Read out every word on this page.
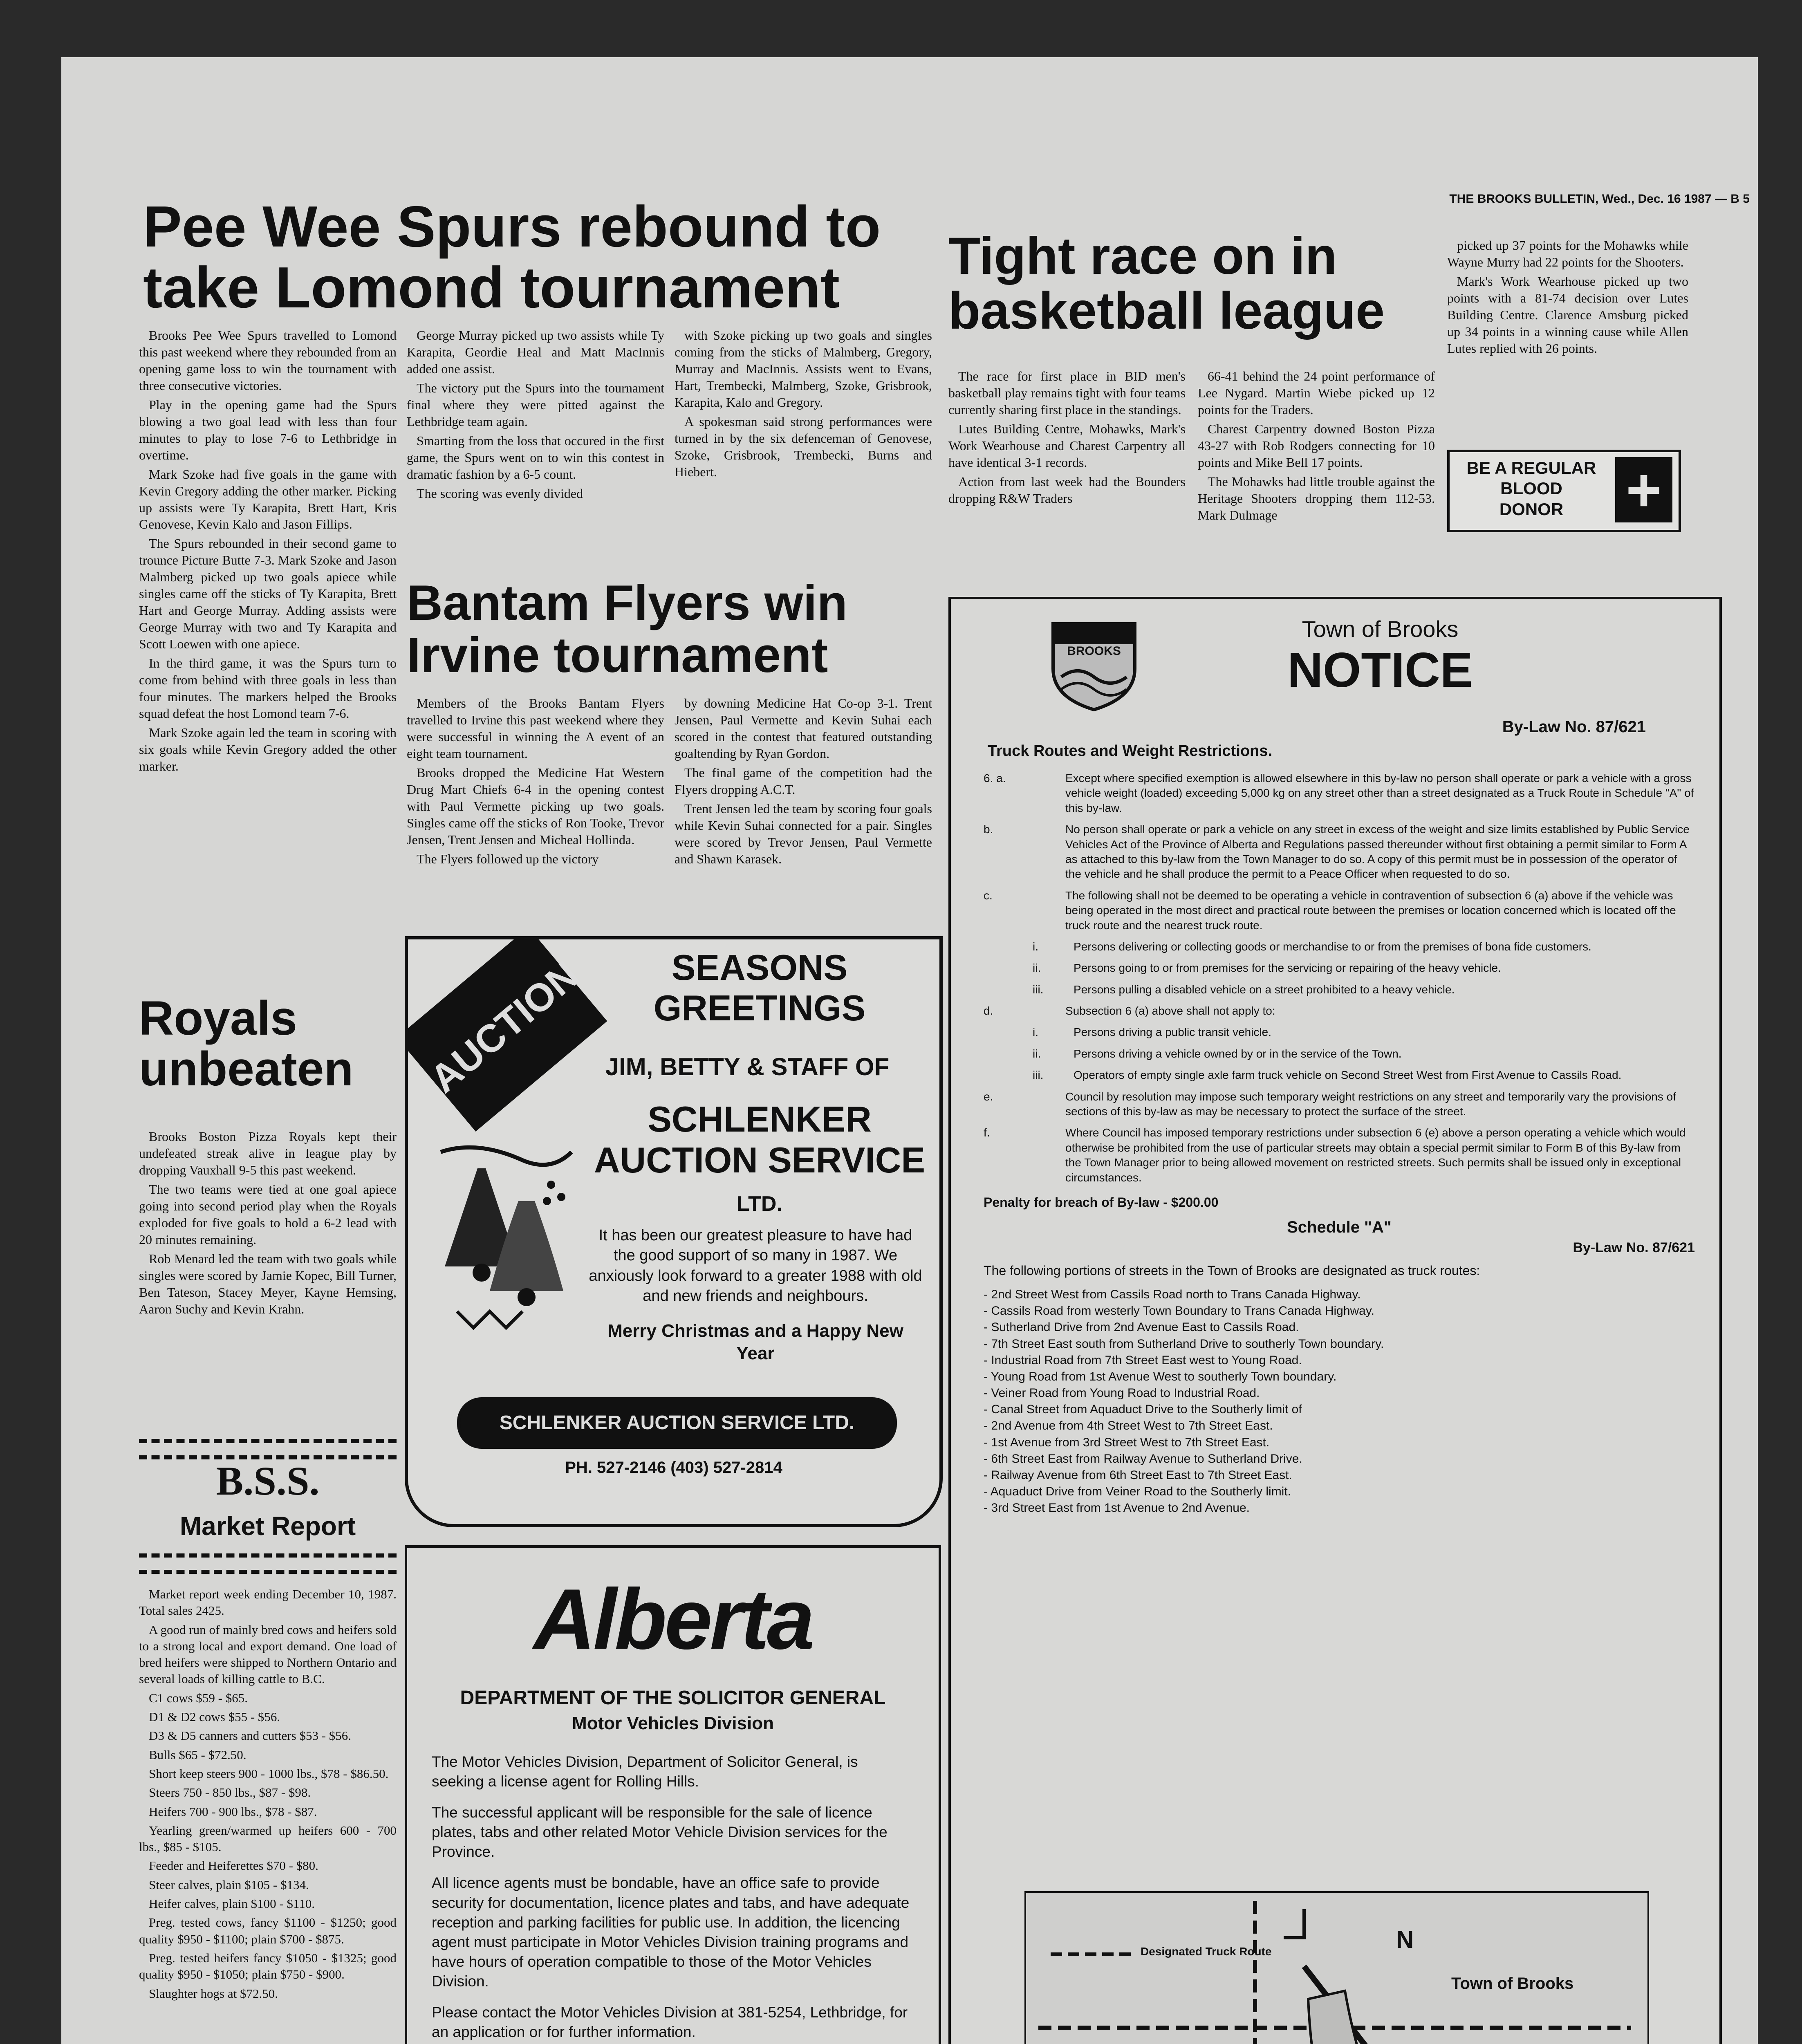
THE BROOKS BULLETIN, Wed., Dec. 16 1987 — B 5
Pee Wee Spurs rebound to take Lomond tournament

Brooks Pee Wee Spurs travelled to Lomond this past weekend where they rebounded from an opening game loss to win the tournament with three consecutive victories.

Play in the opening game had the Spurs blowing a two goal lead with less than four minutes to play to lose 7-6 to Lethbridge in overtime.

Mark Szoke had five goals in the game with Kevin Gregory adding the other marker. Picking up assists were Ty Karapita, Brett Hart, Kris Genovese, Kevin Kalo and Jason Fillips.

The Spurs rebounded in their second game to trounce Picture Butte 7-3. Mark Szoke and Jason Malmberg picked up two goals apiece while singles came off the sticks of Ty Karapita, Brett Hart and George Murray. Adding assists were George Murray with two and Ty Karapita and Scott Loewen with one apiece.

In the third game, it was the Spurs turn to come from behind with three goals in less than four minutes. The markers helped the Brooks squad defeat the host Lomond team 7-6.

Mark Szoke again led the team in scoring with six goals while Kevin Gregory added the other marker.

George Murray picked up two assists while Ty Karapita, Geordie Heal and Matt MacInnis added one assist.

The victory put the Spurs into the tournament final where they were pitted against the Lethbridge team again.

Smarting from the loss that occured in the first game, the Spurs went on to win this contest in dramatic fashion by a 6-5 count.

The scoring was evenly divided

with Szoke picking up two goals and singles coming from the sticks of Malmberg, Gregory, Murray and MacInnis. Assists went to Evans, Hart, Trembecki, Malmberg, Szoke, Grisbrook, Karapita, Kalo and Gregory.

A spokesman said strong performances were turned in by the six defenceman of Genovese, Szoke, Grisbrook, Trembecki, Burns and Hiebert.

Bantam Flyers win Irvine tournament

Members of the Brooks Bantam Flyers travelled to Irvine this past weekend where they were successful in winning the A event of an eight team tournament.

Brooks dropped the Medicine Hat Western Drug Mart Chiefs 6-4 in the opening contest with Paul Vermette picking up two goals. Singles came off the sticks of Ron Tooke, Trevor Jensen, Trent Jensen and Micheal Hollinda.

The Flyers followed up the victory

by downing Medicine Hat Co-op 3-1. Trent Jensen, Paul Vermette and Kevin Suhai each scored in the contest that featured outstanding goaltending by Ryan Gordon.

The final game of the competition had the Flyers dropping A.C.T.

Trent Jensen led the team by scoring four goals while Kevin Suhai connected for a pair. Singles were scored by Trevor Jensen, Paul Vermette and Shawn Karasek.

Tight race on in basketball league

The race for first place in BID men's basketball play remains tight with four teams currently sharing first place in the standings.

Lutes Building Centre, Mohawks, Mark's Work Wearhouse and Charest Carpentry all have identical 3-1 records.

Action from last week had the Bounders dropping R&W Traders

66-41 behind the 24 point performance of Lee Nygard. Martin Wiebe picked up 12 points for the Traders.

Charest Carpentry downed Boston Pizza 43-27 with Rob Rodgers connecting for 10 points and Mike Bell 17 points.

The Mohawks had little trouble against the Heritage Shooters dropping them 112-53. Mark Dulmage

picked up 37 points for the Mohawks while Wayne Murry had 22 points for the Shooters.

Mark's Work Wearhouse picked up two points with a 81-74 decision over Lutes Building Centre. Clarence Amsburg picked up 34 points in a winning cause while Allen Lutes replied with 26 points.

BE A REGULAR
BLOOD
DONOR	+
Royals unbeaten

Brooks Boston Pizza Royals kept their undefeated streak alive in league play by dropping Vauxhall 9-5 this past weekend.

The two teams were tied at one goal apiece going into second period play when the Royals exploded for five goals to hold a 6-2 lead with 20 minutes remaining.

Rob Menard led the team with two goals while singles were scored by Jamie Kopec, Bill Turner, Ben Tateson, Stacey Meyer, Kayne Hemsing, Aaron Suchy and Kevin Krahn.

B.S.S.
Market Report

Market report week ending December 10, 1987. Total sales 2425.

A good run of mainly bred cows and heifers sold to a strong local and export demand. One load of bred heifers were shipped to Northern Ontario and several loads of killing cattle to B.C.

C1 cows $59 - $65.

D1 & D2 cows $55 - $56.

D3 & D5 canners and cutters $53 - $56.

Bulls $65 - $72.50.

Short keep steers 900 - 1000 lbs., $78 - $86.50.

Steers 750 - 850 lbs., $87 - $98.

Heifers 700 - 900 lbs., $78 - $87.

Yearling green/warmed up heifers 600 - 700 lbs., $85 - $105.

Feeder and Heiferettes $70 - $80.

Steer calves, plain $105 - $134.

Heifer calves, plain $100 - $110.

Preg. tested cows, fancy $1100 - $1250; good quality $950 - $1100; plain $700 - $875.

Preg. tested heifers fancy $1050 - $1325; good quality $950 - $1050; plain $750 - $900.

Slaughter hogs at $72.50.

AUCTION	SEASONS
GREETINGS
JIM, BETTY & STAFF OF
SCHLENKER
AUCTION SERVICE
LTD.
It has been our greatest pleasure to have had the good support of so many in 1987. We anxiously look forward to a greater 1988 with old and new friends and neighbours.
Merry Christmas and a Happy New Year
SCHLENKER AUCTION SERVICE LTD.
PH. 527-2146 (403) 527-2814
Alberta
DEPARTMENT OF THE SOLICITOR GENERAL
Motor Vehicles Division

The Motor Vehicles Division, Department of Solicitor General, is seeking a license agent for Rolling Hills.

The successful applicant will be responsible for the sale of licence plates, tabs and other related Motor Vehicle Division services for the Province.

All licence agents must be bondable, have an office safe to provide security for documentation, licence plates and tabs, and have adequate reception and parking facilities for public use. In addition, the licencing agent must participate in Motor Vehicles Division training programs and have hours of operation compatible to those of the Motor Vehicles Division.

Please contact the Motor Vehicles Division at 381-5254, Lethbridge, for an application or for further information.

BROOKS
Town of Brooks
NOTICE
By-Law No. 87/621
Truck Routes and Weight Restrictions.
6. a.	Except where specified exemption is allowed elsewhere in this by-law no person shall operate or park a vehicle with a gross vehicle weight (loaded) exceeding 5,000 kg on any street other than a street designated as a Truck Route in Schedule "A" of this by-law.
b.	No person shall operate or park a vehicle on any street in excess of the weight and size limits established by Public Service Vehicles Act of the Province of Alberta and Regulations passed thereunder without first obtaining a permit similar to Form A as attached to this by-law from the Town Manager to do so. A copy of this permit must be in possession of the operator of the vehicle and he shall produce the permit to a Peace Officer when requested to do so.
c.	The following shall not be deemed to be operating a vehicle in contravention of subsection 6 (a) above if the vehicle was being operated in the most direct and practical route between the premises or location concerned which is located off the truck route and the nearest truck route.
i.	Persons delivering or collecting goods or merchandise to or from the premises of bona fide customers.
ii.	Persons going to or from premises for the servicing or repairing of the heavy vehicle.
iii.	Persons pulling a disabled vehicle on a street prohibited to a heavy vehicle.
d.	Subsection 6 (a) above shall not apply to:
i.	Persons driving a public transit vehicle.
ii.	Persons driving a vehicle owned by or in the service of the Town.
iii.	Operators of empty single axle farm truck vehicle on Second Street West from First Avenue to Cassils Road.
e.	Council by resolution may impose such temporary weight restrictions on any street and temporarily vary the provisions of sections of this by-law as may be necessary to protect the surface of the street.
f.	Where Council has imposed temporary restrictions under subsection 6 (e) above a person operating a vehicle which would otherwise be prohibited from the use of particular streets may obtain a special permit similar to Form B of this By-law from the Town Manager prior to being allowed movement on restricted streets. Such permits shall be issued only in exceptional circumstances.
Penalty for breach of By-law - $200.00
Schedule "A"
By-Law No. 87/621
The following portions of streets in the Town of Brooks are designated as truck routes:

- 2nd Street West from Cassils Road north to Trans Canada Highway.

- Cassils Road from westerly Town Boundary to Trans Canada Highway.

- Sutherland Drive from 2nd Avenue East to Cassils Road.

- 7th Street East south from Sutherland Drive to southerly Town boundary.

- Industrial Road from 7th Street East west to Young Road.

- Young Road from 1st Avenue West to southerly Town boundary.

- Veiner Road from Young Road to Industrial Road.

- Canal Street from Aquaduct Drive to the Southerly limit of

- 2nd Avenue from 4th Street West to 7th Street East.

- 1st Avenue from 3rd Street West to 7th Street East.

- 6th Street East from Railway Avenue to Sutherland Drive.

- Railway Avenue from 6th Street East to 7th Street East.

- Aquaduct Drive from Veiner Road to the Southerly limit.

- 3rd Street East from 1st Avenue to 2nd Avenue.

Designated Truck Route	N
Town of Brooks
